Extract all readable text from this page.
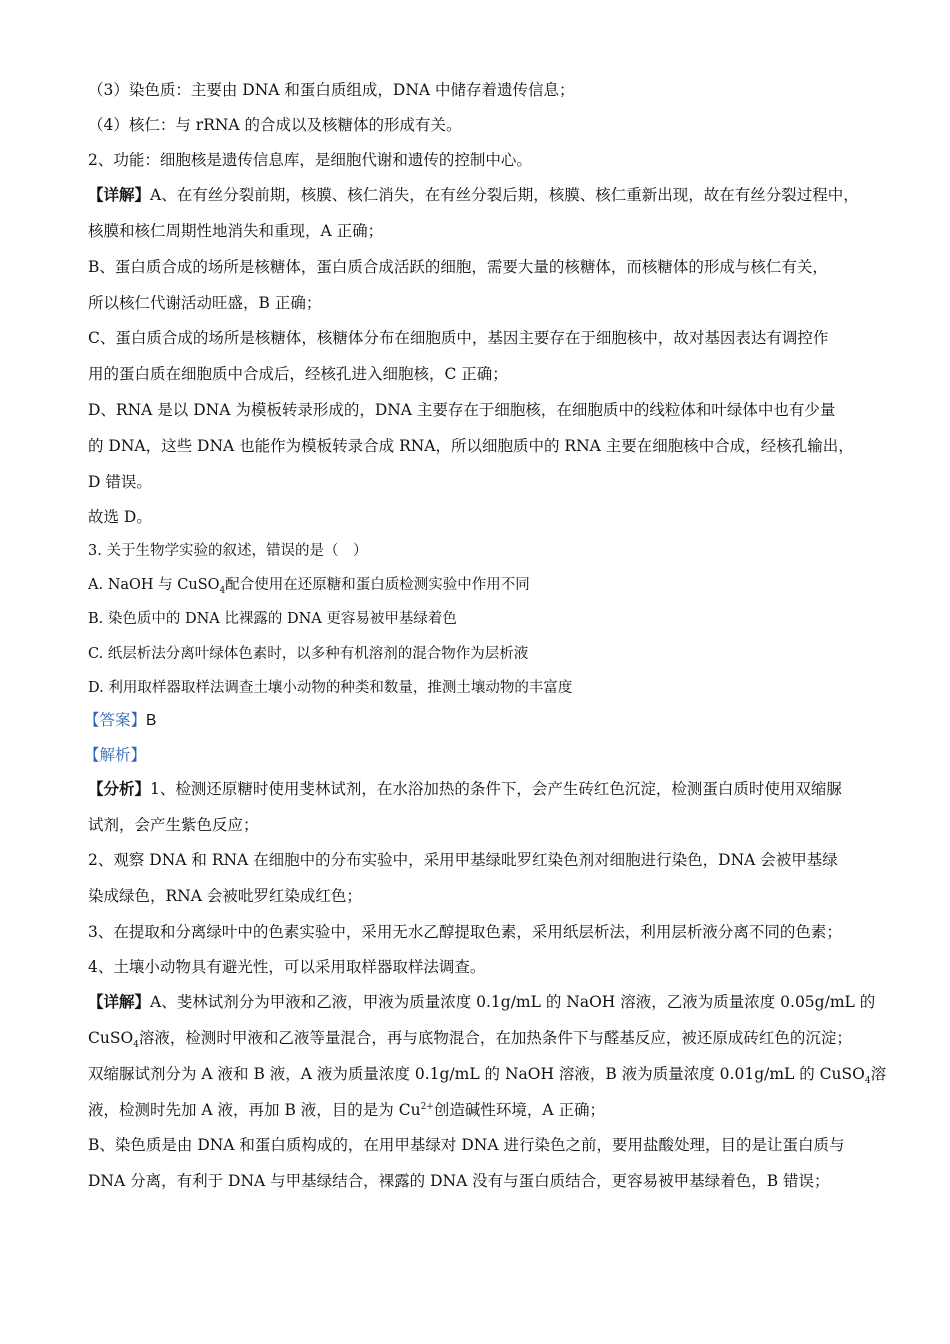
（3）染色质：主要由 DNA 和蛋白质组成，DNA 中储存着遗传信息；
（4）核仁：与 rRNA 的合成以及核糖体的形成有关。
2、功能：细胞核是遗传信息库，是细胞代谢和遗传的控制中心。
【详解】A、在有丝分裂前期，核膜、核仁消失，在有丝分裂后期，核膜、核仁重新出现，故在有丝分裂过程中，
核膜和核仁周期性地消失和重现，A 正确；
B、蛋白质合成的场所是核糖体，蛋白质合成活跃的细胞，需要大量的核糖体，而核糖体的形成与核仁有关，
所以核仁代谢活动旺盛，B 正确；
C、蛋白质合成的场所是核糖体，核糖体分布在细胞质中，基因主要存在于细胞核中，故对基因表达有调控作
用的蛋白质在细胞质中合成后，经核孔进入细胞核，C 正确；
D、RNA 是以 DNA 为模板转录形成的，DNA 主要存在于细胞核，在细胞质中的线粒体和叶绿体中也有少量
的 DNA，这些 DNA 也能作为模板转录合成 RNA，所以细胞质中的 RNA 主要在细胞核中合成，经核孔输出，
D 错误。
故选 D。
3. 关于生物学实验的叙述，错误的是（　）
A. NaOH 与 CuSO$_4$配合使用在还原糖和蛋白质检测实验中作用不同
B. 染色质中的 DNA 比裸露的 DNA 更容易被甲基绿着色
C. 纸层析法分离叶绿体色素时，以多种有机溶剂的混合物作为层析液
D. 利用取样器取样法调查土壤小动物的种类和数量，推测土壤动物的丰富度
【答案】B
【解析】
【分析】1、检测还原糖时使用斐林试剂，在水浴加热的条件下，会产生砖红色沉淀，检测蛋白质时使用双缩脲
试剂，会产生紫色反应；
2、观察 DNA 和 RNA 在细胞中的分布实验中，采用甲基绿吡罗红染色剂对细胞进行染色，DNA 会被甲基绿
染成绿色，RNA 会被吡罗红染成红色；
3、在提取和分离绿叶中的色素实验中，采用无水乙醇提取色素，采用纸层析法，利用层析液分离不同的色素；
4、土壤小动物具有避光性，可以采用取样器取样法调查。
【详解】A、斐林试剂分为甲液和乙液，甲液为质量浓度 0.1g/mL 的 NaOH 溶液，乙液为质量浓度 0.05g/mL 的
CuSO$_4$溶液，检测时甲液和乙液等量混合，再与底物混合，在加热条件下与醛基反应，被还原成砖红色的沉淀；
双缩脲试剂分为 A 液和 B 液，A 液为质量浓度 0.1g/mL 的 NaOH 溶液，B 液为质量浓度 0.01g/mL 的 CuSO$_4$溶
液，检测时先加 A 液，再加 B 液，目的是为 $Cu^{2+}$创造碱性环境，A 正确；
B、染色质是由 DNA 和蛋白质构成的，在用甲基绿对 DNA 进行染色之前，要用盐酸处理，目的是让蛋白质与
DNA 分离，有利于 DNA 与甲基绿结合，裸露的 DNA 没有与蛋白质结合，更容易被甲基绿着色，B 错误；
